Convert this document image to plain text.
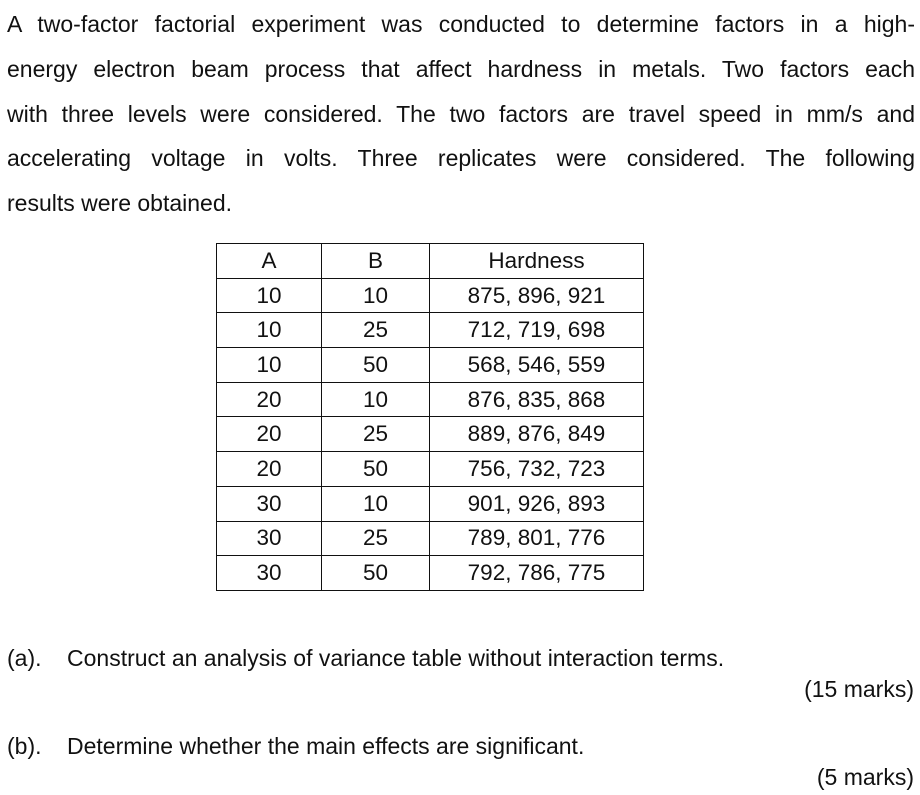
A two-factor factorial experiment was conducted to determine factors in a high-
energy electron beam process that affect hardness in metals. Two factors each
with three levels were considered. The two factors are travel speed in mm/s and
accelerating voltage in volts. Three replicates were considered. The following
results were obtained.
A	B	Hardness
10	10	875, 896, 921
10	25	712, 719, 698
10	50	568, 546, 559
20	10	876, 835, 868
20	25	889, 876, 849
20	50	756, 732, 723
30	10	901, 926, 893
30	25	789, 801, 776
30	50	792, 786, 775

(a). Construct an analysis of variance table without interaction terms.

(15 marks)

(b). Determine whether the main effects are significant.

(5 marks)
